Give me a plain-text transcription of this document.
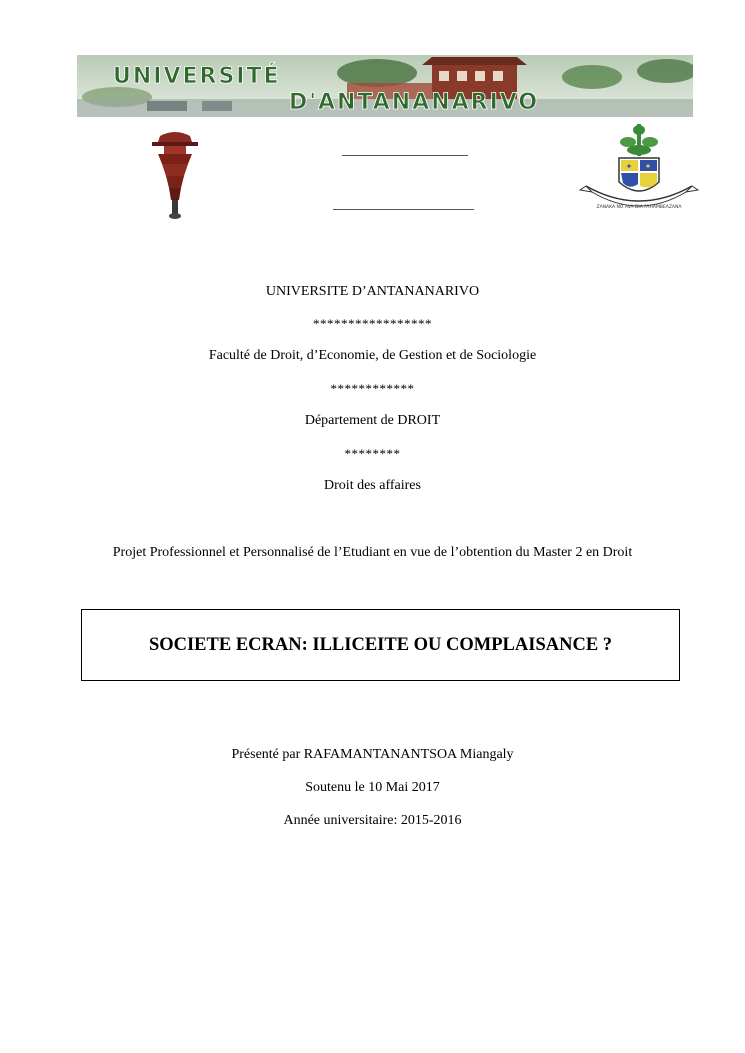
UNIVERSITÉ
D'ANTANANARIVO
✦ ✦
ZANAKA NO AVA DIA FAHAMBEAZANA
UNIVERSITE D’ANTANANARIVO
*****************
Faculté de Droit, d’Economie, de Gestion et de Sociologie
************
Département de DROIT
********
Droit des affaires
Projet Professionnel et Personnalisé de l’Etudiant en vue de l’obtention du Master 2 en Droit
SOCIETE ECRAN: ILLICEITE OU COMPLAISANCE ?
Présenté par RAFAMANTANANTSOA Miangaly
Soutenu le 10 Mai 2017
Année universitaire: 2015-2016
